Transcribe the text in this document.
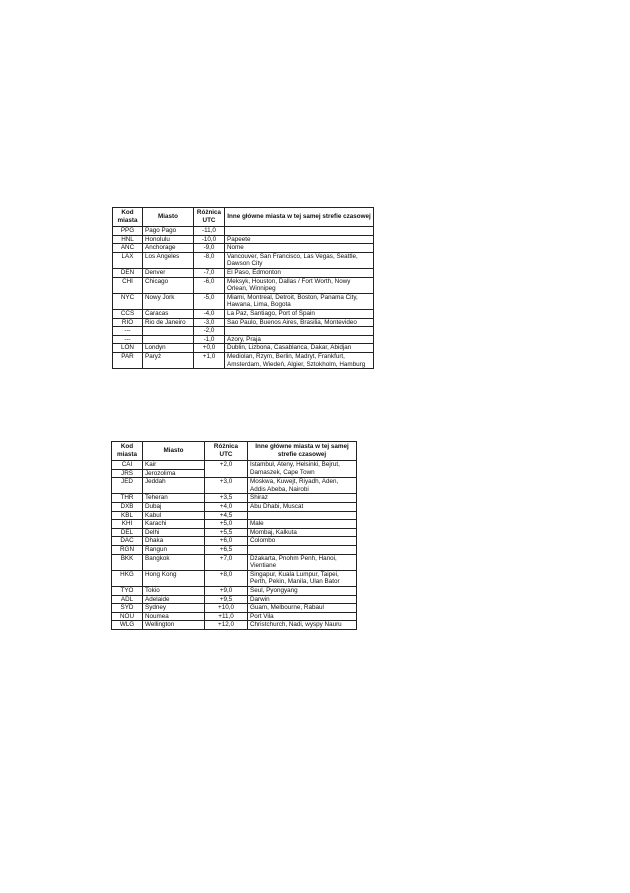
Kod miasta	Miasto	Różnica UTC	Inne główne miasta w tej samej strefie czasowej
PPG	Pago Pago	-11,0	
HNL	Honolulu	-10,0	Papeete
ANC	Anchorage	-9,0	Nome
LAX	Los Angeles	-8,0	Vancouver, San Francisco, Las Vegas, Seattle, Dawson City
DEN	Denver	-7,0	El Paso, Edmonton
CHI	Chicago	-6,0	Meksyk, Houston, Dallas / Fort Worth, Nowy Orlean, Winnipeg
NYC	Nowy Jork	-5,0	Miami, Montreal, Detroit, Boston, Panama City, Hawana, Lima, Bogota
CCS	Caracas	-4,0	La Paz, Santiago, Port of Spain
RIO	Rio de Janeiro	-3,0	Sao Paulo, Buenos Aires, Brasilia, Montevideo
---		-2,0	
---		-1,0	Azory, Praja
LON	Londyn	+0,0	Dublin, Lizbona, Casablanca, Dakar, Abidjan
PAR	Paryż	+1,0	Mediolan, Rzym, Berlin, Madryt, Frankfurt, Amsterdam, Wiedeń, Algier, Sztokholm, Hamburg
Kod miasta	Miasto	Różnica UTC	Inne główne miasta w tej samej strefie czasowej
CAI	Kair	+2,0	Istambuł, Ateny, Helsinki, Bejrut, Damaszek, Cape Town
JRS	Jerozolima		
JED	Jeddah	+3,0	Moskwa, Kuwejt, Riyadh, Aden, Addis Abeba, Nairobi
THR	Teheran	+3,5	Shiraz
DXB	Dubaj	+4,0	Abu Dhabi, Muscat
KBL	Kabul	+4,5	
KHI	Karachi	+5,0	Male
DEL	Delhi	+5,5	Mombaj, Kalkuta
DAC	Dhaka	+6,0	Colombo
RGN	Rangun	+6,5	
BKK	Bangkok	+7,0	Dżakarta, Pnohm Penh, Hanoi, Vientiane
HKG	Hong Kong	+8,0	Singapur, Kuala Lumpur, Taipei, Perth, Pekin, Manila, Ulan Bator
TYO	Tokio	+9,0	Seul, Pyongyang
ADL	Adelaide	+9,5	Darwin
SYD	Sydney	+10,0	Guam, Melbourne, Rabaul
NOU	Noumea	+11,0	Port Vila
WLG	Wellington	+12,0	Christchurch, Nadi, wyspy Nauru
